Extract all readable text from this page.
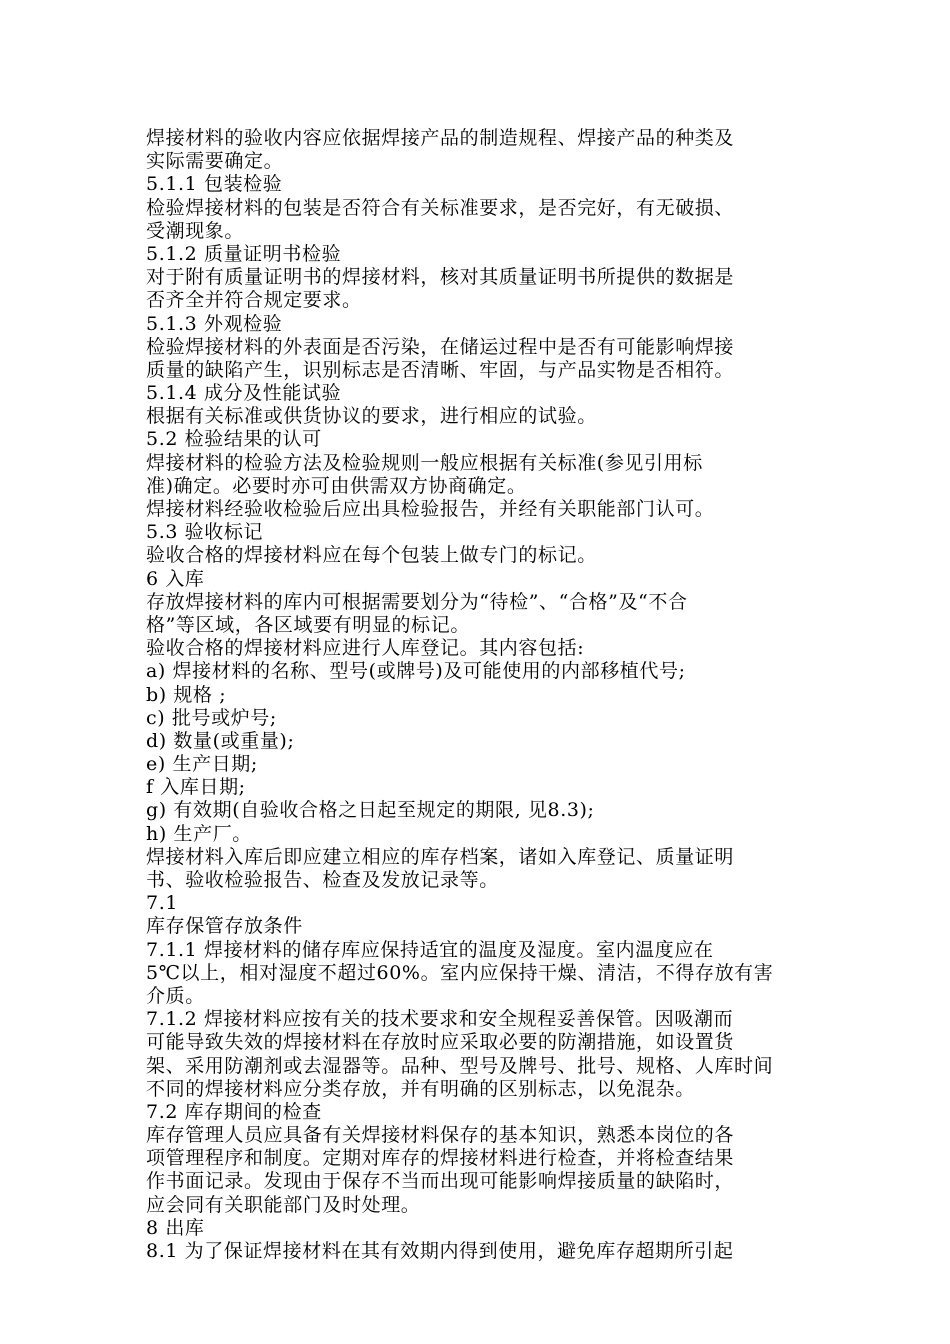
焊接材料的验收内容应依据焊接产品的制造规程、焊接产品的种类及
实际需要确定。
5.1.1 包装检验
检验焊接材料的包装是否符合有关标准要求，是否完好，有无破损、
受潮现象。
5.1.2 质量证明书检验
对于附有质量证明书的焊接材料，核对其质量证明书所提供的数据是
否齐全并符合规定要求。
5.1.3 外观检验
检验焊接材料的外表面是否污染，在储运过程中是否有可能影响焊接
质量的缺陷产生，识别标志是否清晰、牢固，与产品实物是否相符。
5.1.4 成分及性能试验
根据有关标准或供货协议的要求，进行相应的试验。
5.2 检验结果的认可
焊接材料的检验方法及检验规则一般应根据有关标准(参见引用标
准)确定。必要时亦可由供需双方协商确定。
焊接材料经验收检验后应出具检验报告，并经有关职能部门认可。
5.3 验收标记
验收合格的焊接材料应在每个包装上做专门的标记。
6 入库
存放焊接材料的库内可根据需要划分为“待检”、“合格”及“不合
格”等区域，各区域要有明显的标记。
验收合格的焊接材料应进行人库登记。其内容包括:
a) 焊接材料的名称、型号(或牌号)及可能使用的内部移植代号;
b) 规格 ;
c) 批号或炉号;
d) 数量(或重量);
e) 生产日期;
f 入库日期;
g) 有效期(自验收合格之日起至规定的期限, 见8.3);
h) 生产厂。
焊接材料入库后即应建立相应的库存档案，诸如入库登记、质量证明
书、验收检验报告、检查及发放记录等。
7.1
库存保管存放条件
7.1.1 焊接材料的储存库应保持适宜的温度及湿度。室内温度应在
5℃以上，相对湿度不超过60%。室内应保持干燥、清洁，不得存放有害
介质。
7.1.2 焊接材料应按有关的技术要求和安全规程妥善保管。因吸潮而
可能导致失效的焊接材料在存放时应采取必要的防潮措施，如设置货
架、采用防潮剂或去湿器等。品种、型号及牌号、批号、规格、人库时间
不同的焊接材料应分类存放，并有明确的区别标志，以免混杂。
7.2 库存期间的检查
库存管理人员应具备有关焊接材料保存的基本知识，熟悉本岗位的各
项管理程序和制度。定期对库存的焊接材料进行检查，并将检查结果
作书面记录。发现由于保存不当而出现可能影响焊接质量的缺陷时，
应会同有关职能部门及时处理。
8 出库
8.1 为了保证焊接材料在其有效期内得到使用，避免库存超期所引起
